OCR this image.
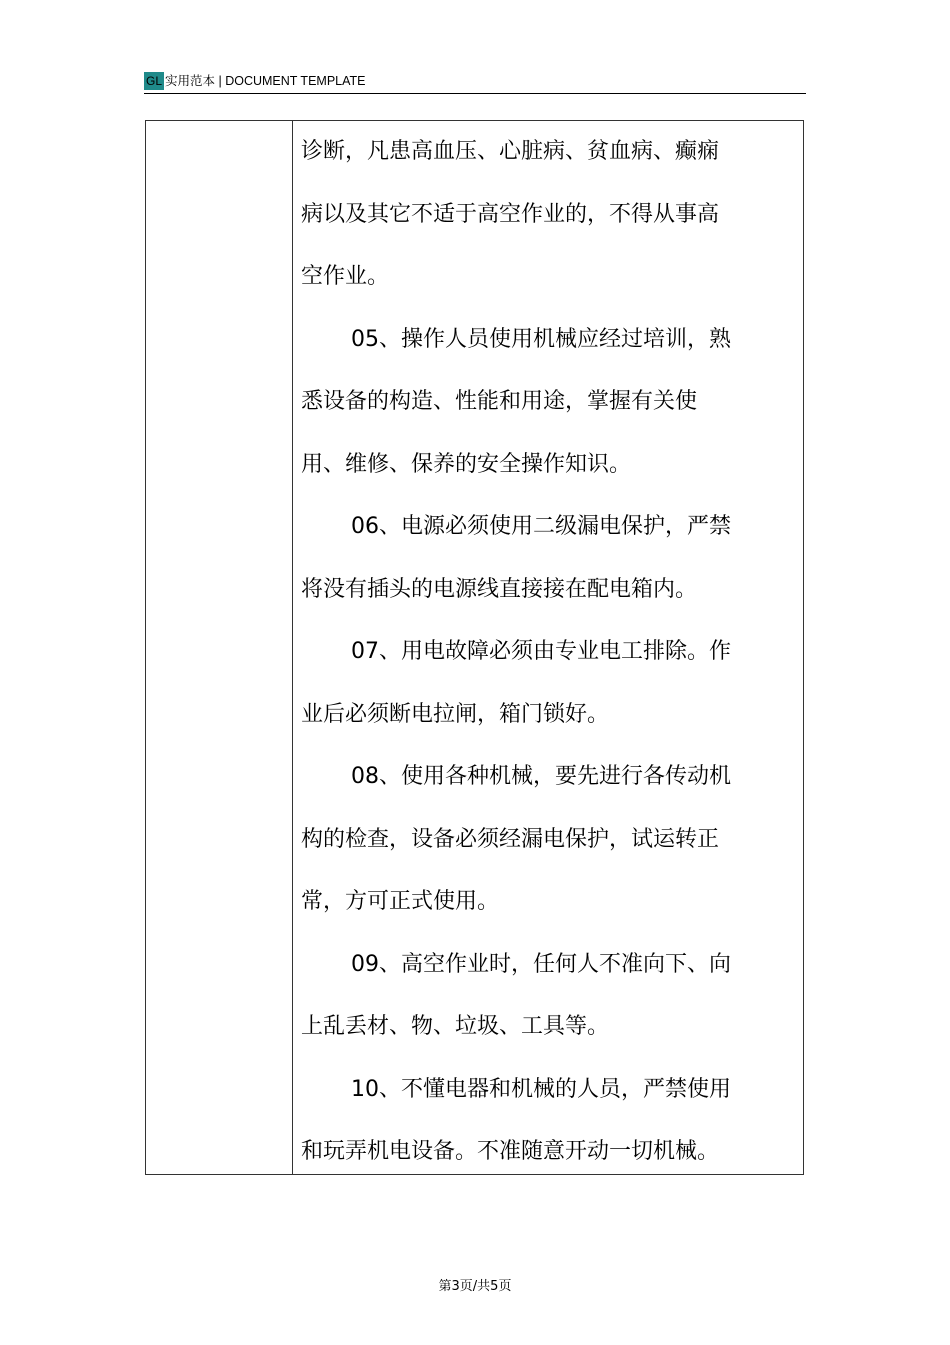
GL 实用范本 | DOCUMENT TEMPLATE
诊断，凡患高血压、心脏病、贫血病、癫痫
病以及其它不适于高空作业的，不得从事高
空作业。
05、操作人员使用机械应经过培训，熟
悉设备的构造、性能和用途，掌握有关使
用、维修、保养的安全操作知识。
06、电源必须使用二级漏电保护，严禁
将没有插头的电源线直接接在配电箱内。
07、用电故障必须由专业电工排除。作
业后必须断电拉闸，箱门锁好。
08、使用各种机械，要先进行各传动机
构的检查，设备必须经漏电保护，试运转正
常，方可正式使用。
09、高空作业时，任何人不准向下、向
上乱丢材、物、垃圾、工具等。
10、不懂电器和机械的人员，严禁使用
和玩弄机电设备。不准随意开动一切机械。
第3页/共5页
